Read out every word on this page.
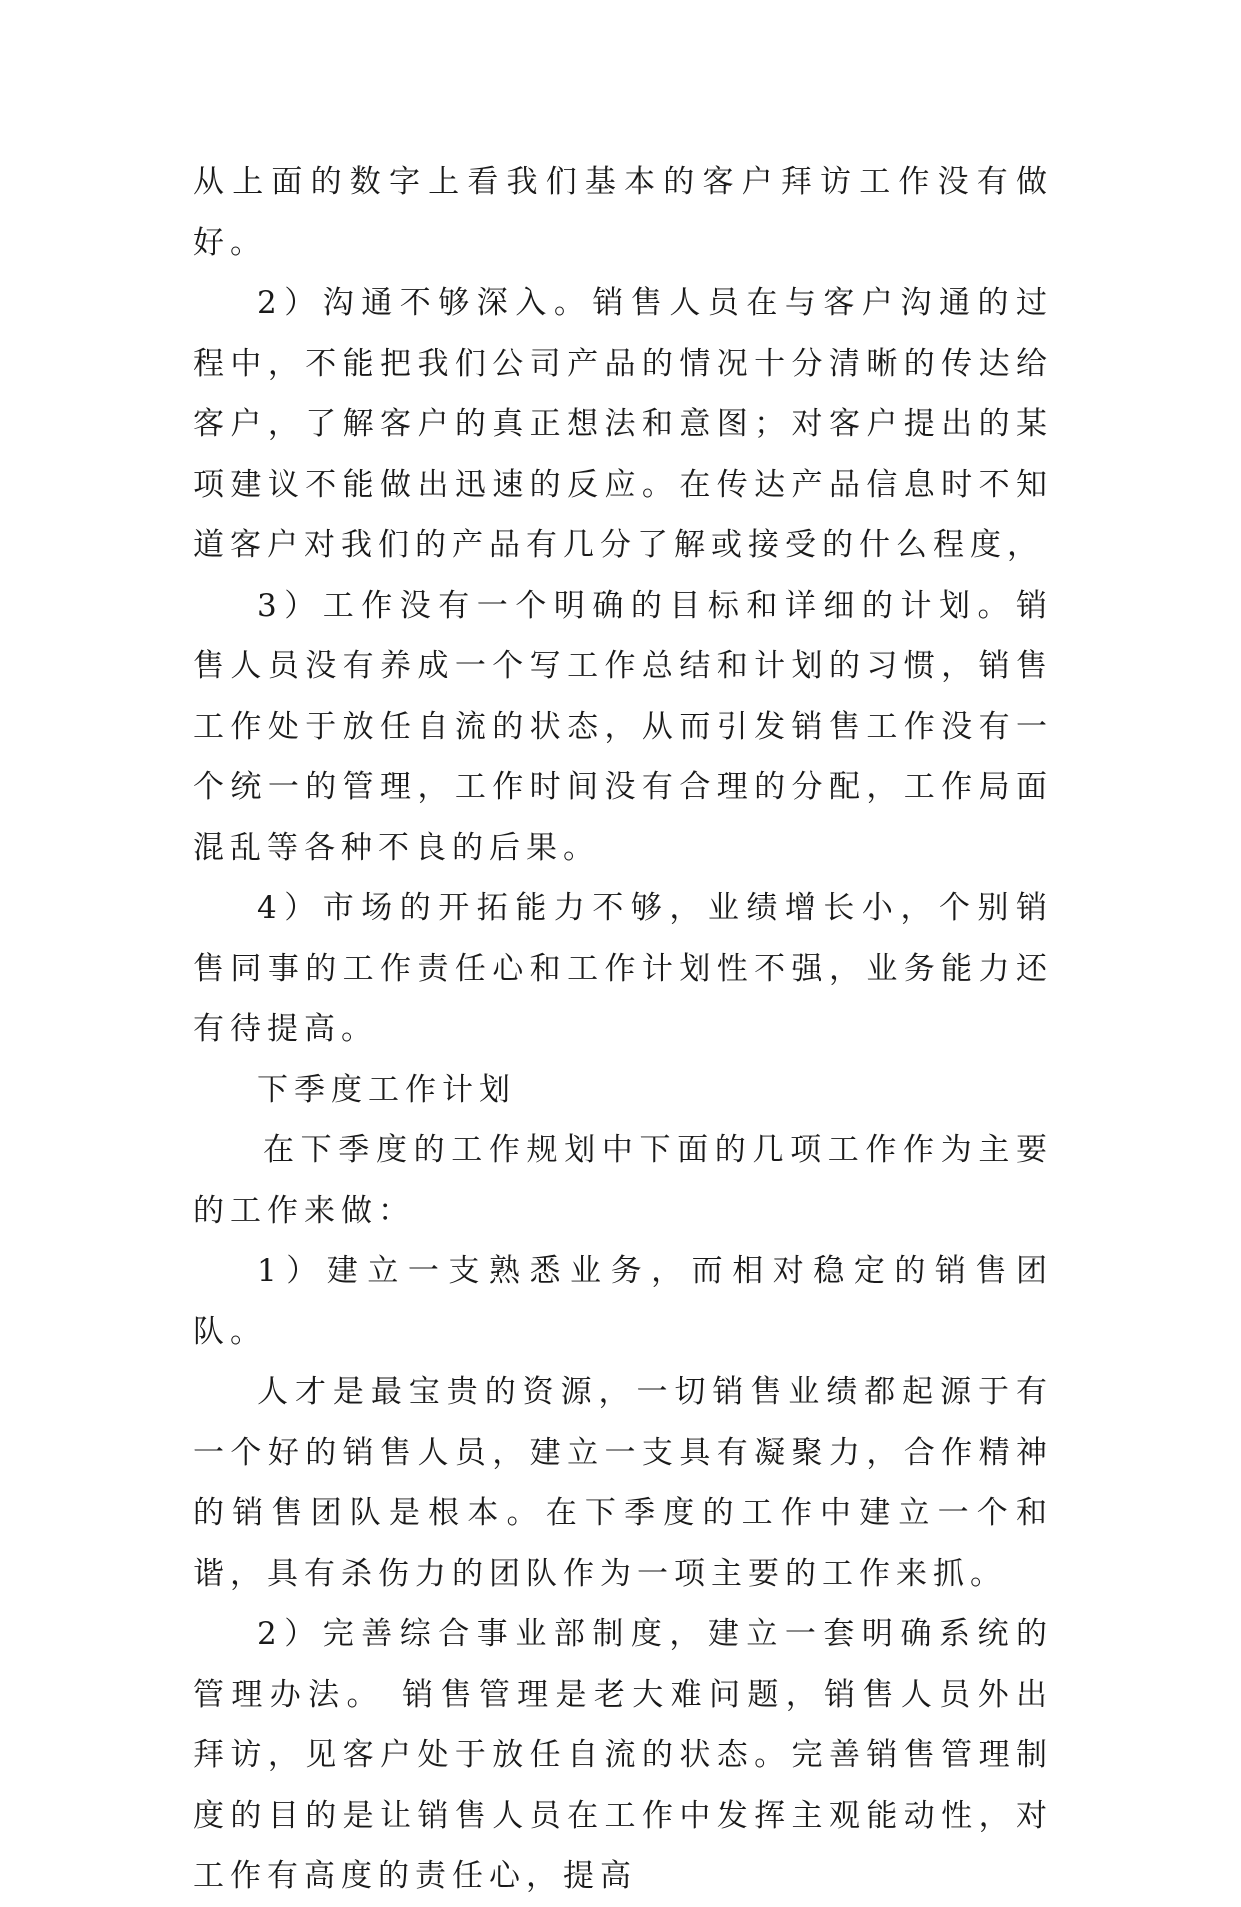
从上面的数字上看我们基本的客户拜访工作没有做好。

2）沟通不够深入。销售人员在与客户沟通的过程中，不能把我们公司产品的情况十分清晰的传达给客户，了解客户的真正想法和意图；对客户提出的某项建议不能做出迅速的反应。在传达产品信息时不知道客户对我们的产品有几分了解或接受的什么程度，

3）工作没有一个明确的目标和详细的计划。销售人员没有养成一个写工作总结和计划的习惯，销售工作处于放任自流的状态，从而引发销售工作没有一个统一的管理，工作时间没有合理的分配，工作局面混乱等各种不良的后果。

4）市场的开拓能力不够，业绩增长小，个别销售同事的工作责任心和工作计划性不强，业务能力还有待提高。

下季度工作计划

在下季度的工作规划中下面的几项工作作为主要的工作来做：

1）建立一支熟悉业务，而相对稳定的销售团队。

人才是最宝贵的资源，一切销售业绩都起源于有一个好的销售人员，建立一支具有凝聚力，合作精神的销售团队是根本。在下季度的工作中建立一个和谐，具有杀伤力的团队作为一项主要的工作来抓。

2）完善综合事业部制度，建立一套明确系统的管理办法。 销售管理是老大难问题，销售人员外出拜访，见客户处于放任自流的状态。完善销售管理制度的目的是让销售人员在工作中发挥主观能动性，对工作有高度的责任心，提高
